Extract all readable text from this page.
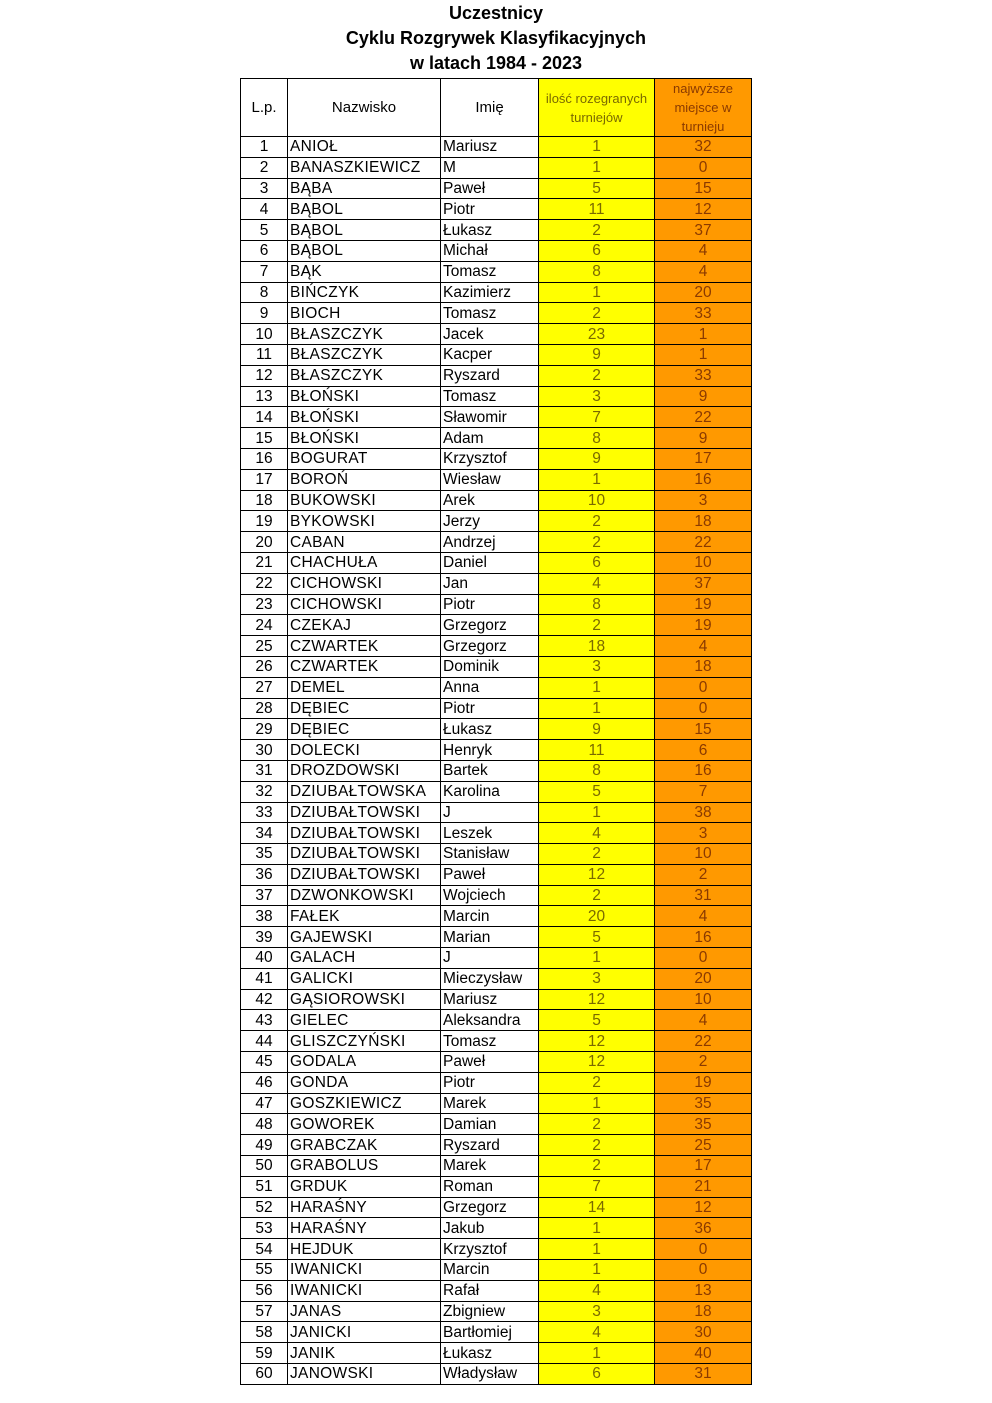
Uczestnicy
Cyklu Rozgrywek Klasyfikacyjnych
w latach 1984 - 2023
L.p.	Nazwisko	Imię	ilość rozegranych turniejów	najwyższe miejsce w turnieju
1	ANIOŁ	Mariusz	1	32
2	BANASZKIEWICZ	M	1	0
3	BĄBA	Paweł	5	15
4	BĄBOL	Piotr	11	12
5	BĄBOL	Łukasz	2	37
6	BĄBOL	Michał	6	4
7	BĄK	Tomasz	8	4
8	BIŃCZYK	Kazimierz	1	20
9	BIOCH	Tomasz	2	33
10	BŁASZCZYK	Jacek	23	1
11	BŁASZCZYK	Kacper	9	1
12	BŁASZCZYK	Ryszard	2	33
13	BŁOŃSKI	Tomasz	3	9
14	BŁOŃSKI	Sławomir	7	22
15	BŁOŃSKI	Adam	8	9
16	BOGURAT	Krzysztof	9	17
17	BOROŃ	Wiesław	1	16
18	BUKOWSKI	Arek	10	3
19	BYKOWSKI	Jerzy	2	18
20	CABAN	Andrzej	2	22
21	CHACHUŁA	Daniel	6	10
22	CICHOWSKI	Jan	4	37
23	CICHOWSKI	Piotr	8	19
24	CZEKAJ	Grzegorz	2	19
25	CZWARTEK	Grzegorz	18	4
26	CZWARTEK	Dominik	3	18
27	DEMEL	Anna	1	0
28	DĘBIEC	Piotr	1	0
29	DĘBIEC	Łukasz	9	15
30	DOLECKI	Henryk	11	6
31	DROZDOWSKI	Bartek	8	16
32	DZIUBAŁTOWSKA	Karolina	5	7
33	DZIUBAŁTOWSKI	J	1	38
34	DZIUBAŁTOWSKI	Leszek	4	3
35	DZIUBAŁTOWSKI	Stanisław	2	10
36	DZIUBAŁTOWSKI	Paweł	12	2
37	DZWONKOWSKI	Wojciech	2	31
38	FAŁEK	Marcin	20	4
39	GAJEWSKI	Marian	5	16
40	GALACH	J	1	0
41	GALICKI	Mieczysław	3	20
42	GĄSIOROWSKI	Mariusz	12	10
43	GIELEC	Aleksandra	5	4
44	GLISZCZYŃSKI	Tomasz	12	22
45	GODALA	Paweł	12	2
46	GONDA	Piotr	2	19
47	GOSZKIEWICZ	Marek	1	35
48	GOWOREK	Damian	2	35
49	GRABCZAK	Ryszard	2	25
50	GRABOLUS	Marek	2	17
51	GRDUK	Roman	7	21
52	HARAŚNY	Grzegorz	14	12
53	HARAŚNY	Jakub	1	36
54	HEJDUK	Krzysztof	1	0
55	IWANICKI	Marcin	1	0
56	IWANICKI	Rafał	4	13
57	JANAS	Zbigniew	3	18
58	JANICKI	Bartłomiej	4	30
59	JANIK	Łukasz	1	40
60	JANOWSKI	Władysław	6	31
